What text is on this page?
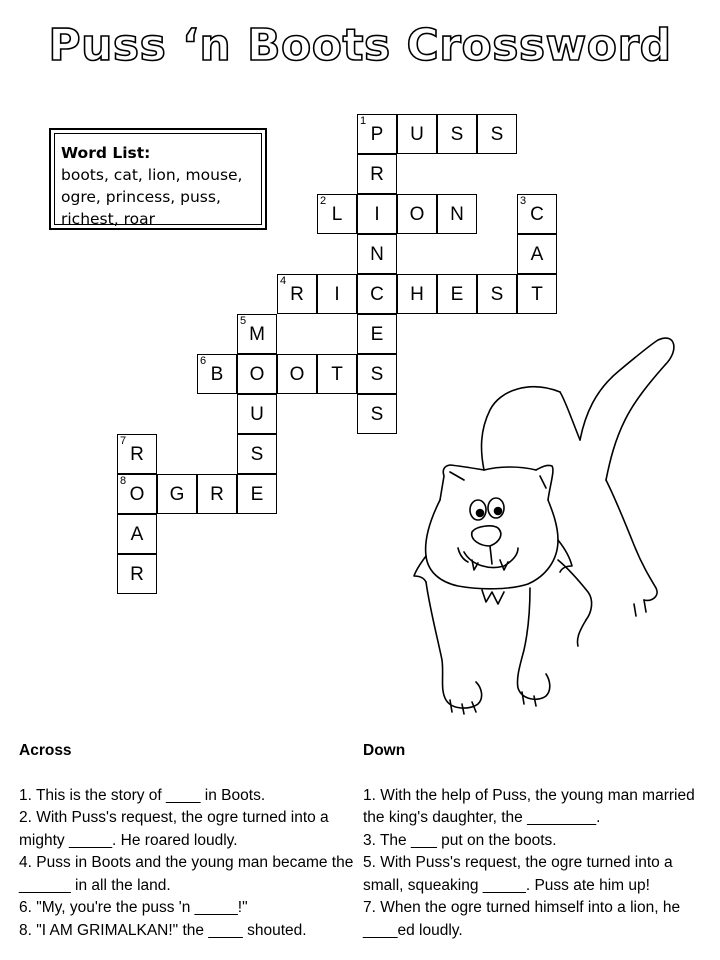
Puss ‘n Boots Crossword
Word List:
boots, cat, lion, mouse,
ogre, princess, puss,
richest, roar
1
P	U	S	S
R
2
L	I	O	N
3
C
N	A
4
R	I	C	H	E	S	T
5
M	E
6
B	O	O	T	S
U	S
7
R	S
8
O	G	R	E
A
R
Across

1. This is the story of ____ in Boots.

2. With Puss's request, the ogre turned into a mighty _____. He roared loudly.

4. Puss in Boots and the young man became the ______ in all the land.

6. "My, you're the puss 'n _____!"

8. "I AM GRIMALKAN!" the ____ shouted.

Down

1. With the help of Puss, the young man married the king's daughter, the ________.

3. The ___ put on the boots.

5. With Puss's request, the ogre turned into a small, squeaking _____. Puss ate him up!

7. When the ogre turned himself into a lion, he ____ed loudly.
